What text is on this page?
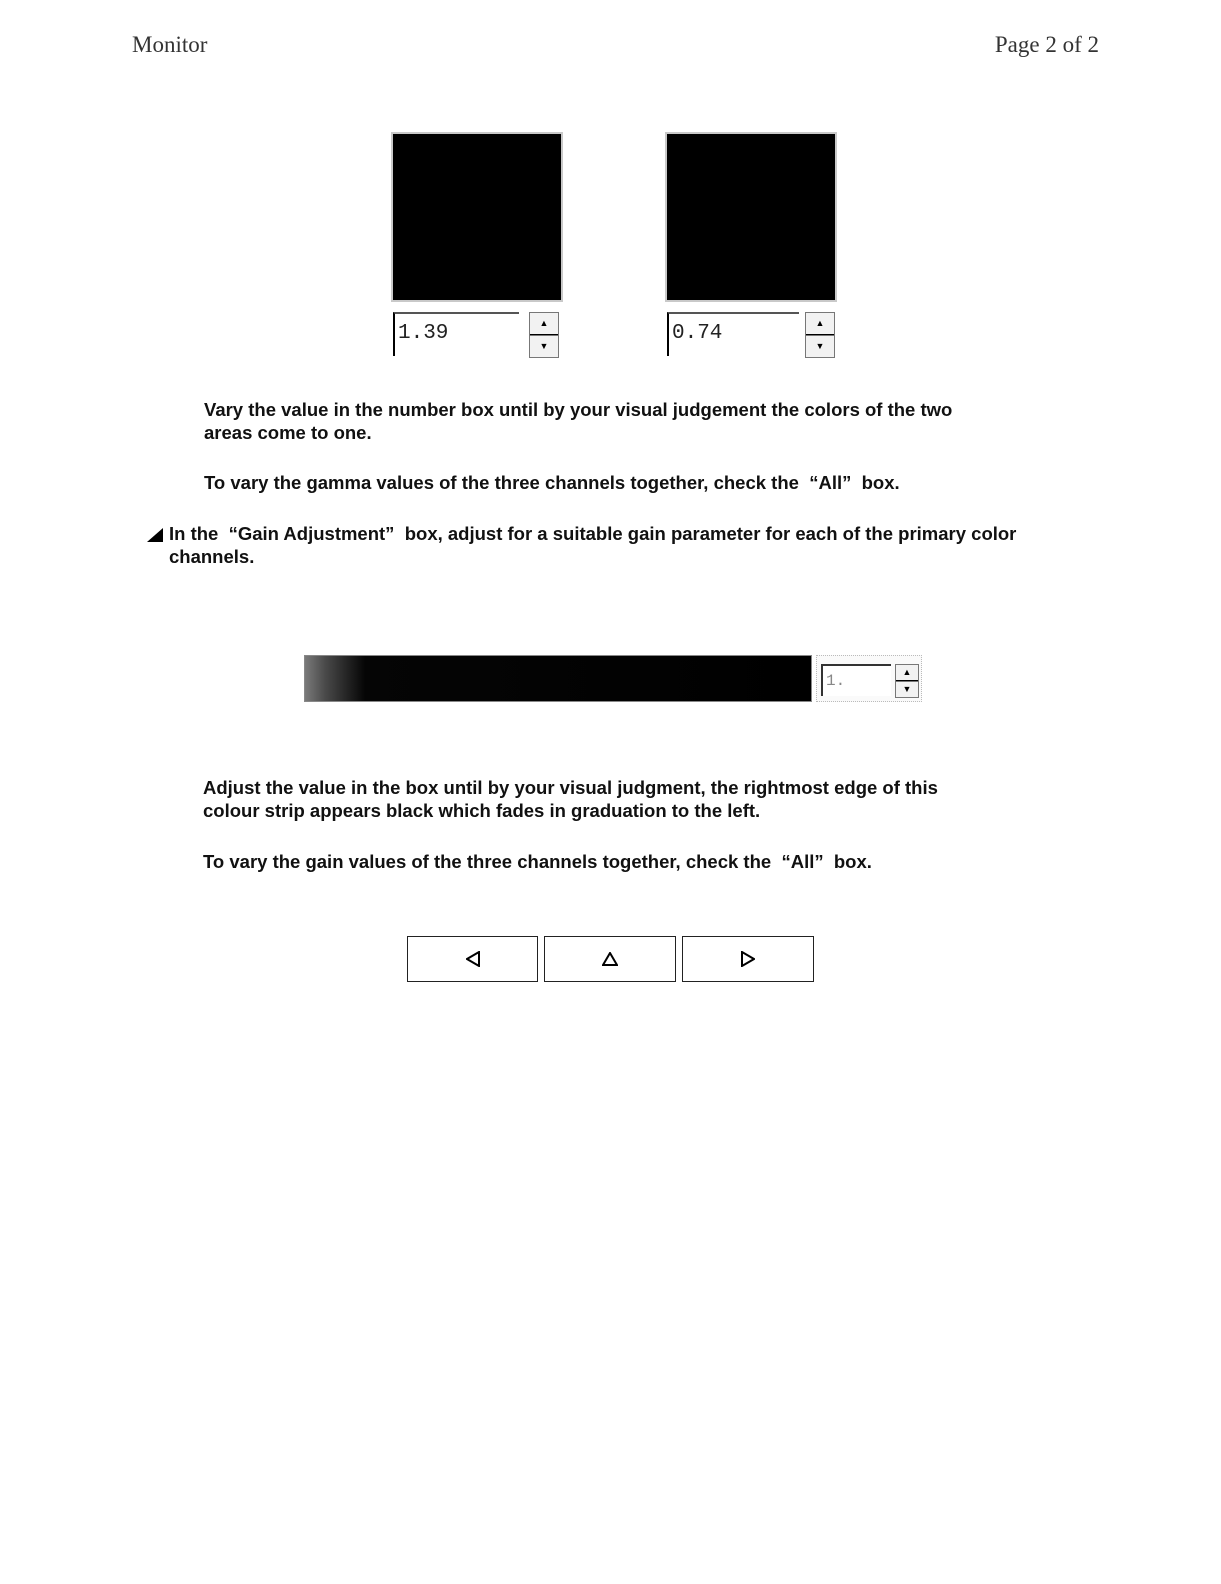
Monitor	Page 2 of 2
1.39	▲
▼
0.74	▲
▼
Vary the value in the number box until by your visual judgement the colors of the two
areas come to one.
To vary the gamma values of the three channels together, check the  “All”  box.
In the  “Gain Adjustment”  box, adjust for a suitable gain parameter for each of the primary color
channels.
1.	▲
▼
Adjust the value in the box until by your visual judgment, the rightmost edge of this
colour strip appears black which fades in graduation to the left.
To vary the gain values of the three channels together, check the  “All”  box.
